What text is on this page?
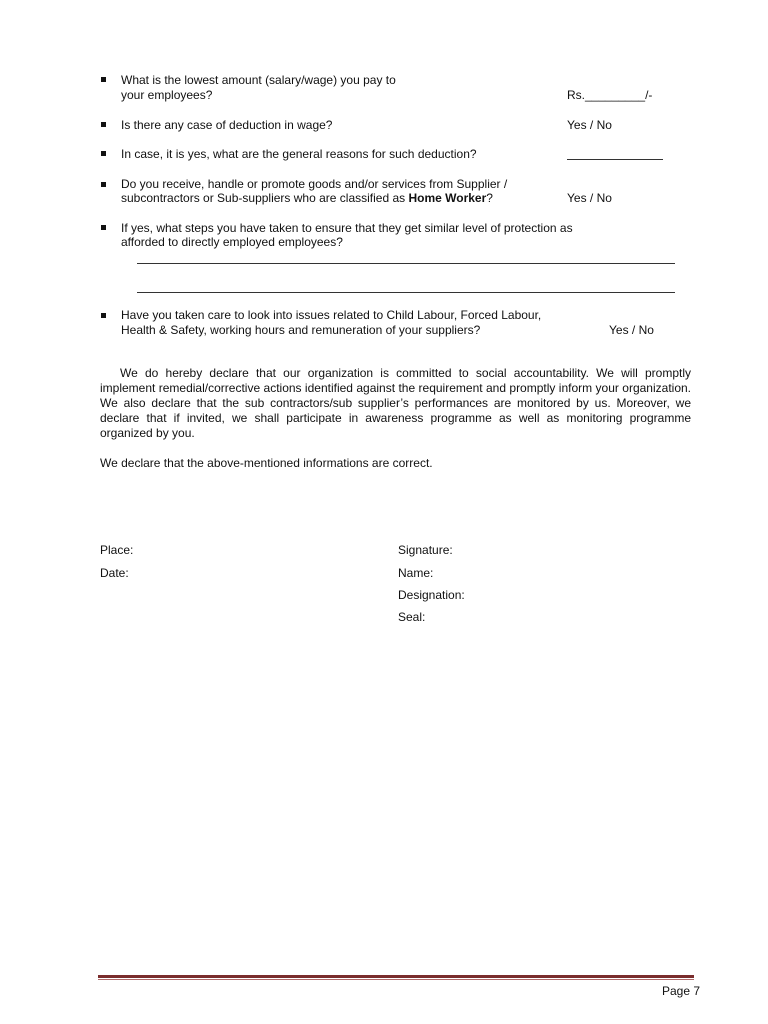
What is the lowest amount (salary/wage) you pay to
your employees?	Rs._________/-
Is there any case of deduction in wage?	Yes / No
In case, it is yes, what are the general reasons for such deduction?
Do you receive, handle or promote goods and/or services from Supplier /
subcontractors or Sub-suppliers who are classified as Home Worker?	Yes / No
If yes, what steps you have taken to ensure that they get similar level of protection as
afforded to directly employed employees?
Have you taken care to look into issues related to Child Labour, Forced Labour,
Health & Safety, working hours and remuneration of your suppliers?	Yes / No
We do hereby declare that our organization is committed to social accountability. We will promptly implement remedial/corrective actions identified against the requirement and promptly inform your organization. We also declare that the sub contractors/sub supplier’s performances are monitored by us. Moreover, we declare that if invited, we shall participate in awareness programme as well as monitoring programme organized by you.
We declare that the above-mentioned informations are correct.
Place:
Date:
Signature:
Name:
Designation:
Seal:
Page 7
